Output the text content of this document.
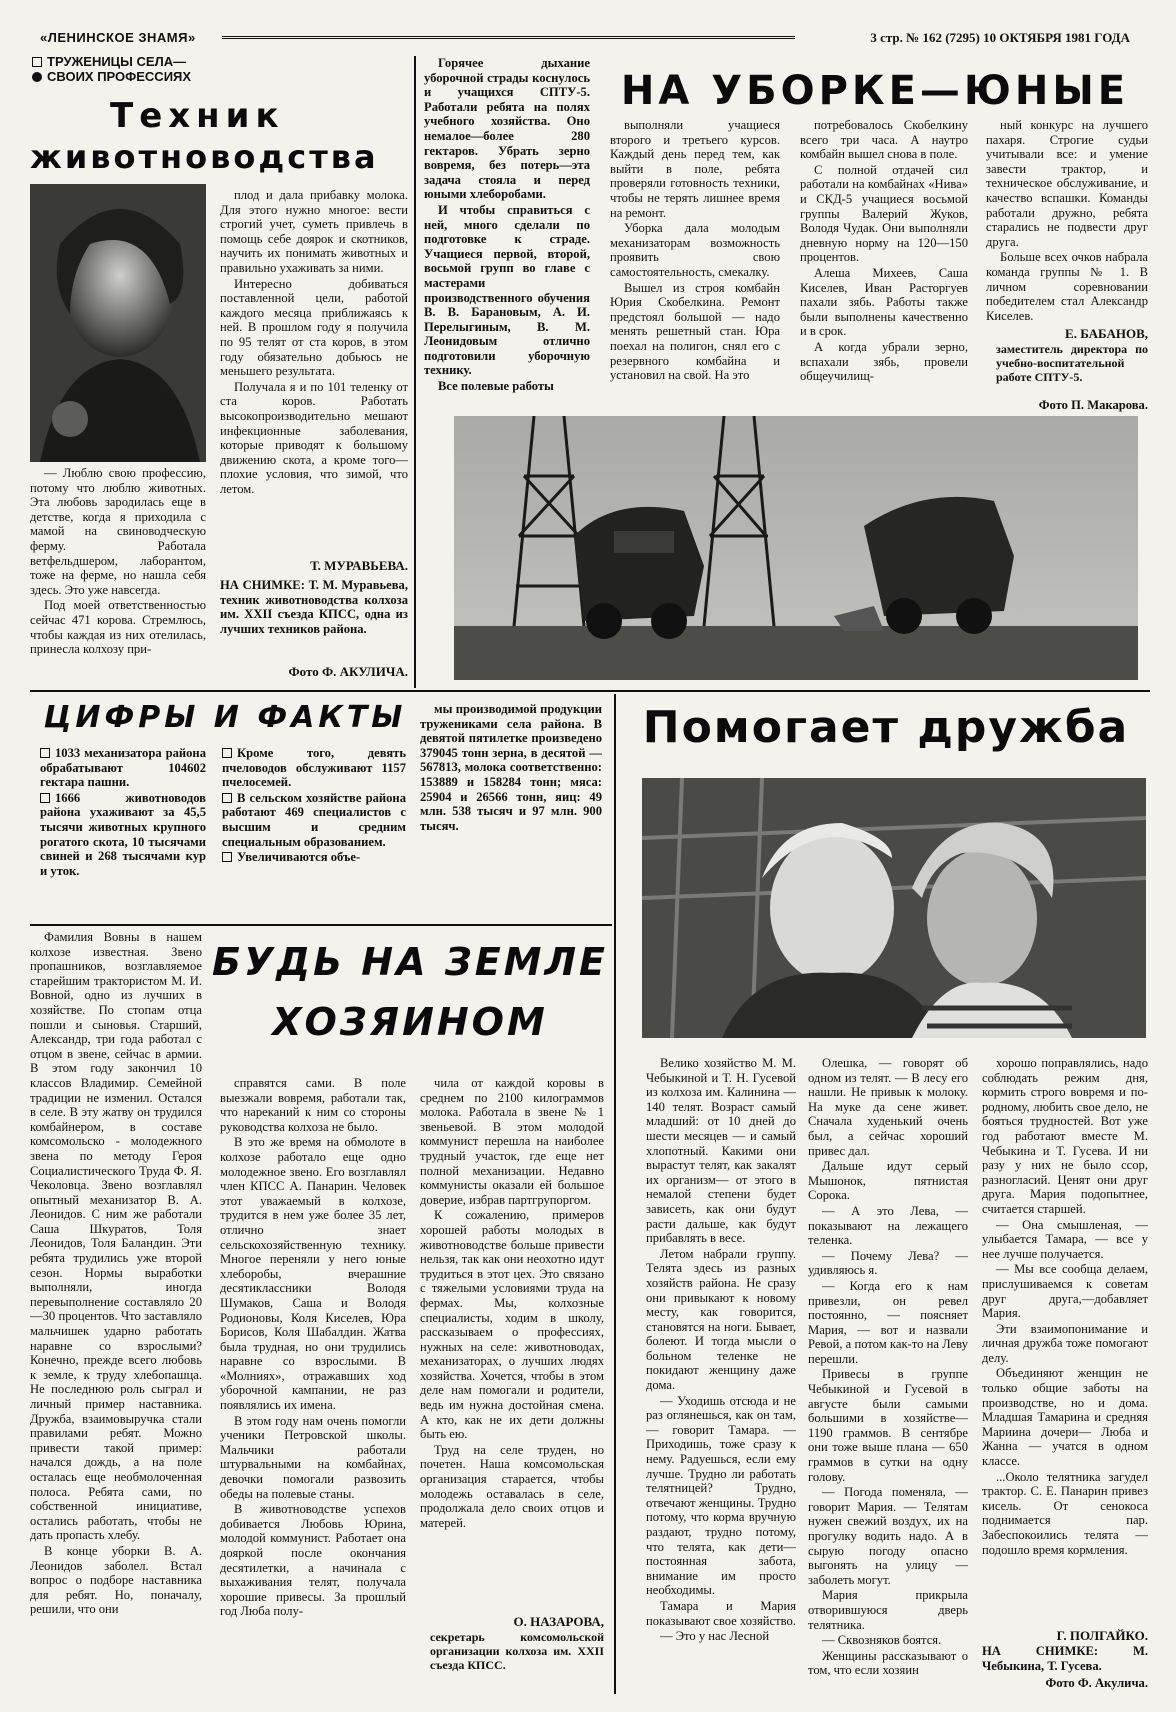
«ЛЕНИНСКОЕ ЗНАМЯ»	3 стр. № 162 (7295) 10 ОКТЯБРЯ 1981 ГОДА
ТРУЖЕНИЦЫ СЕЛА—
СВОИХ ПРОФЕССИЯХ
Техник
животноводства

— Люблю свою профессию, потому что люблю животных. Эта любовь зародилась еще в детстве, когда я приходила с мамой на свиноводческую ферму. Работала ветфельдшером, лаборантом, тоже на ферме, но нашла себя здесь. Это уже навсегда.

Под моей ответственностью сейчас 471 корова. Стремлюсь, чтобы каждая из них отелилась, принесла колхозу при-

плод и дала прибавку молока. Для этого нужно многое: вести строгий учет, суметь привлечь в помощь себе доярок и скотников, научить их понимать животных и правильно ухаживать за ними.

Интересно добиваться поставленной цели, работой каждого месяца приближаясь к ней. В прошлом году я получила по 95 телят от ста коров, в этом году обязательно добьюсь не меньшего результата.

Получала я и по 101 теленку от ста коров. Работать высокопроизводительно мешают инфекционные заболевания, которые приводят к большому движению скота, а кроме того—плохие условия, что зимой, что летом.

Т. МУРАВЬЕВА.
НА СНИМКЕ: Т. М. Муравьева, техник животноводства колхоза им. XXII съезда КПСС, одна из лучших техников района.
Фото Ф. АКУЛИЧА.

Горячее дыхание уборочной страды коснулось и учащихся СПТУ-5. Работали ребята на полях учебного хозяйства. Оно немалое—более 280 гектаров. Убрать зерно вовремя, без потерь—эта задача стояла и перед юными хлеборобами.

И чтобы справиться с ней, много сделали по подготовке к страде. Учащиеся первой, второй, восьмой групп во главе с мастерами производственного обучения В. В. Барановым, А. И. Перелыгиным, В. М. Леонидовым отлично подготовили уборочную технику.

Все полевые работы

НА УБОРКЕ—ЮНЫЕ

выполняли учащиеся второго и третьего курсов. Каждый день перед тем, как выйти в поле, ребята проверяли готовность техники, чтобы не терять лишнее время на ремонт.

Уборка дала молодым механизаторам возможность проявить свою самостоятельность, смекалку.

Вышел из строя комбайн Юрия Скобелкина. Ремонт предстоял большой — надо менять решетный стан. Юра поехал на полигон, снял его с резервного комбайна и установил на свой. На это

потребовалось Скобелкину всего три часа. А наутро комбайн вышел снова в поле.

С полной отдачей сил работали на комбайнах «Нива» и СКД-5 учащиеся восьмой группы Валерий Жуков, Володя Чудак. Они выполняли дневную норму на 120—150 процентов.

Алеша Михеев, Саша Киселев, Иван Расторгуев пахали зябь. Работы также были выполнены качественно и в срок.

А когда убрали зерно, вспахали зябь, провели общеучилищ-

ный конкурс на лучшего пахаря. Строгие судьи учитывали все: и умение завести трактор, и техническое обслуживание, и качество вспашки. Команды работали дружно, ребята старались не подвести друг друга.

Больше всех очков набрала команда группы № 1. В личном соревновании победителем стал Александр Киселев.

Е. БАБАНОВ,
заместитель директора по учебно-воспитательной работе СПТУ-5.
Фото П. Макарова.
ЦИФРЫ И ФАКТЫ

1033 механизатора района обрабатывают 104602 гектара пашни.

1666 животноводов района ухаживают за 45,5 тысячи животных крупного рогатого скота, 10 тысячами свиней и 268 тысячами кур и уток.

Кроме того, девять пчеловодов обслуживают 1157 пчелосемей.

В сельском хозяйстве района работают 469 специалистов с высшим и средним специальным образованием.

Увеличиваются объе-

мы производимой продукции тружениками села района. В девятой пятилетке произведено 379045 тонн зерна, в десятой —567813, молока соответственно: 153889 и 158284 тонн; мяса: 25904 и 26566 тонн, яиц: 49 млн. 538 тысяч и 97 млн. 900 тысяч.

БУДЬ НА ЗЕМЛЕ
ХОЗЯИНОМ

Фамилия Вовны в нашем колхозе известная. Звено пропашников, возглавляемое старейшим трактористом М. И. Вовной, одно из лучших в хозяйстве. По стопам отца пошли и сыновья. Старший, Александр, три года работал с отцом в звене, сейчас в армии. В этом году закончил 10 классов Владимир. Семейной традиции не изменил. Остался в селе. В эту жатву он трудился комбайнером, в составе комсомольско - молодежного звена по методу Героя Социалистического Труда Ф. Я. Чеколовца. Звено возглавлял опытный механизатор В. А. Леонидов. С ним же работали Саша Шкуратов, Толя Леонидов, Толя Баландин. Эти ребята трудились уже второй сезон. Нормы выработки выполняли, иногда перевыполнение составляло 20—30 процентов. Что заставляло мальчишек ударно работать наравне со взрослыми? Конечно, прежде всего любовь к земле, к труду хлебопашца. Не последнюю роль сыграл и личный пример наставника. Дружба, взаимовыручка стали правилами ребят. Можно привести такой пример: начался дождь, а на поле осталась еще необмолоченная полоса. Ребята сами, по собственной инициативе, остались работать, чтобы не дать пропасть хлебу.

В конце уборки В. А. Леонидов заболел. Встал вопрос о подборе наставника для ребят. Но, поначалу, решили, что они

справятся сами. В поле выезжали вовремя, работали так, что нареканий к ним со стороны руководства колхоза не было.

В это же время на обмолоте в колхозе работало еще одно молодежное звено. Его возглавлял член КПСС А. Панарин. Человек этот уважаемый в колхозе, трудится в нем уже более 35 лет, отлично знает сельскохозяйственную технику. Многое переняли у него юные хлеборобы, вчерашние десятиклассники Володя Шумаков, Саша и Володя Родионовы, Коля Киселев, Юра Борисов, Коля Шабалдин. Жатва была трудная, но они трудились наравне со взрослыми. В «Молниях», отражавших ход уборочной кампании, не раз появлялись их имена.

В этом году нам очень помогли ученики Петровской школы. Мальчики работали штурвальными на комбайнах, девочки помогали развозить обеды на полевые станы.

В животноводстве успехов добивается Любовь Юрина, молодой коммунист. Работает она дояркой после окончания десятилетки, а начинала с выхаживания телят, получала хорошие привесы. За прошлый год Люба полу-

чила от каждой коровы в среднем по 2100 килограммов молока. Работала в звене № 1 звеньевой. В этом молодой коммунист перешла на наиболее трудный участок, где еще нет полной механизации. Недавно коммунисты оказали ей большое доверие, избрав партгрупоргом.

К сожалению, примеров хорошей работы молодых в животноводстве больше привести нельзя, так как они неохотно идут трудиться в этот цех. Это связано с тяжелыми условиями труда на фермах. Мы, колхозные специалисты, ходим в школу, рассказываем о профессиях, нужных на селе: животноводах, механизаторах, о лучших людях хозяйства. Хочется, чтобы в этом деле нам помогали и родители, ведь им нужна достойная смена. А кто, как не их дети должны быть ею.

Труд на селе труден, но почетен. Наша комсомольская организация старается, чтобы молодежь оставалась в селе, продолжала дело своих отцов и матерей.

О. НАЗАРОВА,
секретарь комсомольской организации колхоза им. XXII съезда КПСС.
Помогает дружба

Велико хозяйство М. М. Чебыкиной и Т. Н. Гусевой из колхоза им. Калинина — 140 телят. Возраст самый младший: от 10 дней до шести месяцев — и самый хлопотный. Какими они вырастут телят, как закалят их организм— от этого в немалой степени будет зависеть, как они будут расти дальше, как будут прибавлять в весе.

Летом набрали группу. Телята здесь из разных хозяйств района. Не сразу они привыкают к новому месту, как говорится, становятся на ноги. Бывает, болеют. И тогда мысли о больном теленке не покидают женщину даже дома.

— Уходишь отсюда и не раз оглянешься, как он там, — говорит Тамара. — Приходишь, тоже сразу к нему. Радуешься, если ему лучше. Трудно ли работать телятницей? Трудно, отвечают женщины. Трудно потому, что корма вручную раздают, трудно потому, что телята, как дети— постоянная забота, внимание им просто необходимы.

Тамара и Мария показывают свое хозяйство.

— Это у нас Лесной

Олешка, — говорят об одном из телят. — В лесу его нашли. Не привык к молоку. На муке да сене живет. Сначала худенький очень был, а сейчас хороший привес дал.

Дальше идут серый Мышонок, пятнистая Сорока.

— А это Лева, —показывают на лежащего теленка.

— Почему Лева? — удивляюсь я.

— Когда его к нам привезли, он ревел постоянно, — поясняет Мария, — вот и назвали Ревой, а потом как-то на Леву перешли.

Привесы в группе Чебыкиной и Гусевой в августе были самыми большими в хозяйстве— 1190 граммов. В сентябре они тоже выше плана — 650 граммов в сутки на одну голову.

— Погода поменяла, — говорит Мария. — Телятам нужен свежий воздух, их на прогулку водить надо. А в сырую погоду опасно выгонять на улицу — заболеть могут.

Мария прикрыла отворившуюся дверь телятника.

— Сквозняков боятся.

Женщины рассказывают о том, что если хозяин

хорошо поправлялись, надо соблюдать режим дня, кормить строго вовремя и по-родному, любить свое дело, не бояться трудностей. Вот уже год работают вместе М. Чебыкина и Т. Гусева. И ни разу у них не было ссор, разногласий. Ценят они друг друга. Мария подопытнее, считается старшей.

— Она смышленая, — улыбается Тамара, — все у нее лучше получается.

— Мы все сообща делаем, прислушиваемся к советам друг друга,—добавляет Мария.

Эти взаимопонимание и личная дружба тоже помогают делу.

Объединяют женщин не только общие заботы на производстве, но и дома. Младшая Тамарина и средняя Мариина дочери— Люба и Жанна — учатся в одном классе.

...Около телятника загудел трактор. С. Е. Панарин привез кисель. От сенокоса поднимается пар. Забеспокоились телята — подошло время кормления.

Г. ПОЛГАЙКО.
НА СНИМКЕ: М. Чебыкина, Т. Гусева.
Фото Ф. Акулича.
